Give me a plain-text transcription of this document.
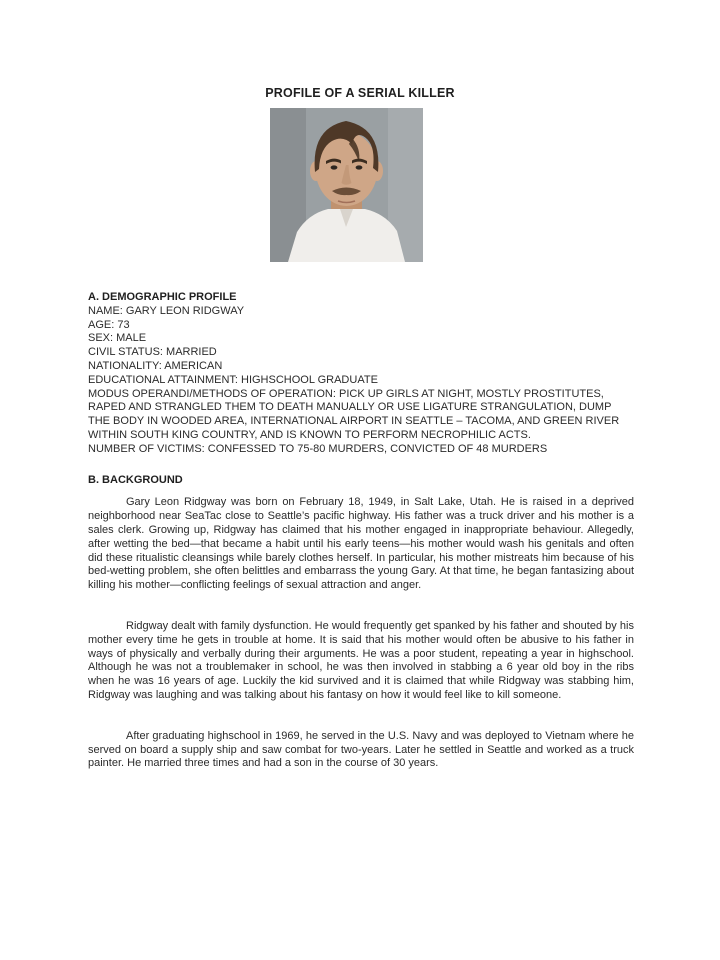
PROFILE OF A SERIAL KILLER
A. DEMOGRAPHIC PROFILE
NAME: GARY LEON RIDGWAY
AGE: 73
SEX: MALE
CIVIL STATUS: MARRIED
NATIONALITY: AMERICAN
EDUCATIONAL ATTAINMENT: HIGHSCHOOL GRADUATE
MODUS OPERANDI/METHODS OF OPERATION: PICK UP GIRLS AT NIGHT, MOSTLY PROSTITUTES, RAPED AND STRANGLED THEM TO DEATH MANUALLY OR USE LIGATURE STRANGULATION, DUMP THE BODY IN WOODED AREA, INTERNATIONAL AIRPORT IN SEATTLE – TACOMA, AND GREEN RIVER WITHIN SOUTH KING COUNTRY, AND IS KNOWN TO PERFORM NECROPHILIC ACTS.
NUMBER OF VICTIMS: CONFESSED TO 75-80 MURDERS, CONVICTED OF 48 MURDERS
B. BACKGROUND

Gary Leon Ridgway was born on February 18, 1949, in Salt Lake, Utah. He is raised in a deprived neighborhood near SeaTac close to Seattle’s pacific highway. His father was a truck driver and his mother is a sales clerk. Growing up, Ridgway has claimed that his mother engaged in inappropriate behaviour. Allegedly, after wetting the bed—that became a habit until his early teens—his mother would wash his genitals and often did these ritualistic cleansings while barely clothes herself. In particular, his mother mistreats him because of his bed-wetting problem, she often belittles and embarrass the young Gary. At that time, he began fantasizing about killing his mother—conflicting feelings of sexual attraction and anger.

Ridgway dealt with family dysfunction. He would frequently get spanked by his father and shouted by his mother every time he gets in trouble at home. It is said that his mother would often be abusive to his father in ways of physically and verbally during their arguments. He was a poor student, repeating a year in highschool. Although he was not a troublemaker in school, he was then involved in stabbing a 6 year old boy in the ribs when he was 16 years of age. Luckily the kid survived and it is claimed that while Ridgway was stabbing him, Ridgway was laughing and was talking about his fantasy on how it would feel like to kill someone.

After graduating highschool in 1969, he served in the U.S. Navy and was deployed to Vietnam where he served on board a supply ship and saw combat for two-years. Later he settled in Seattle and worked as a truck painter. He married three times and had a son in the course of 30 years.
